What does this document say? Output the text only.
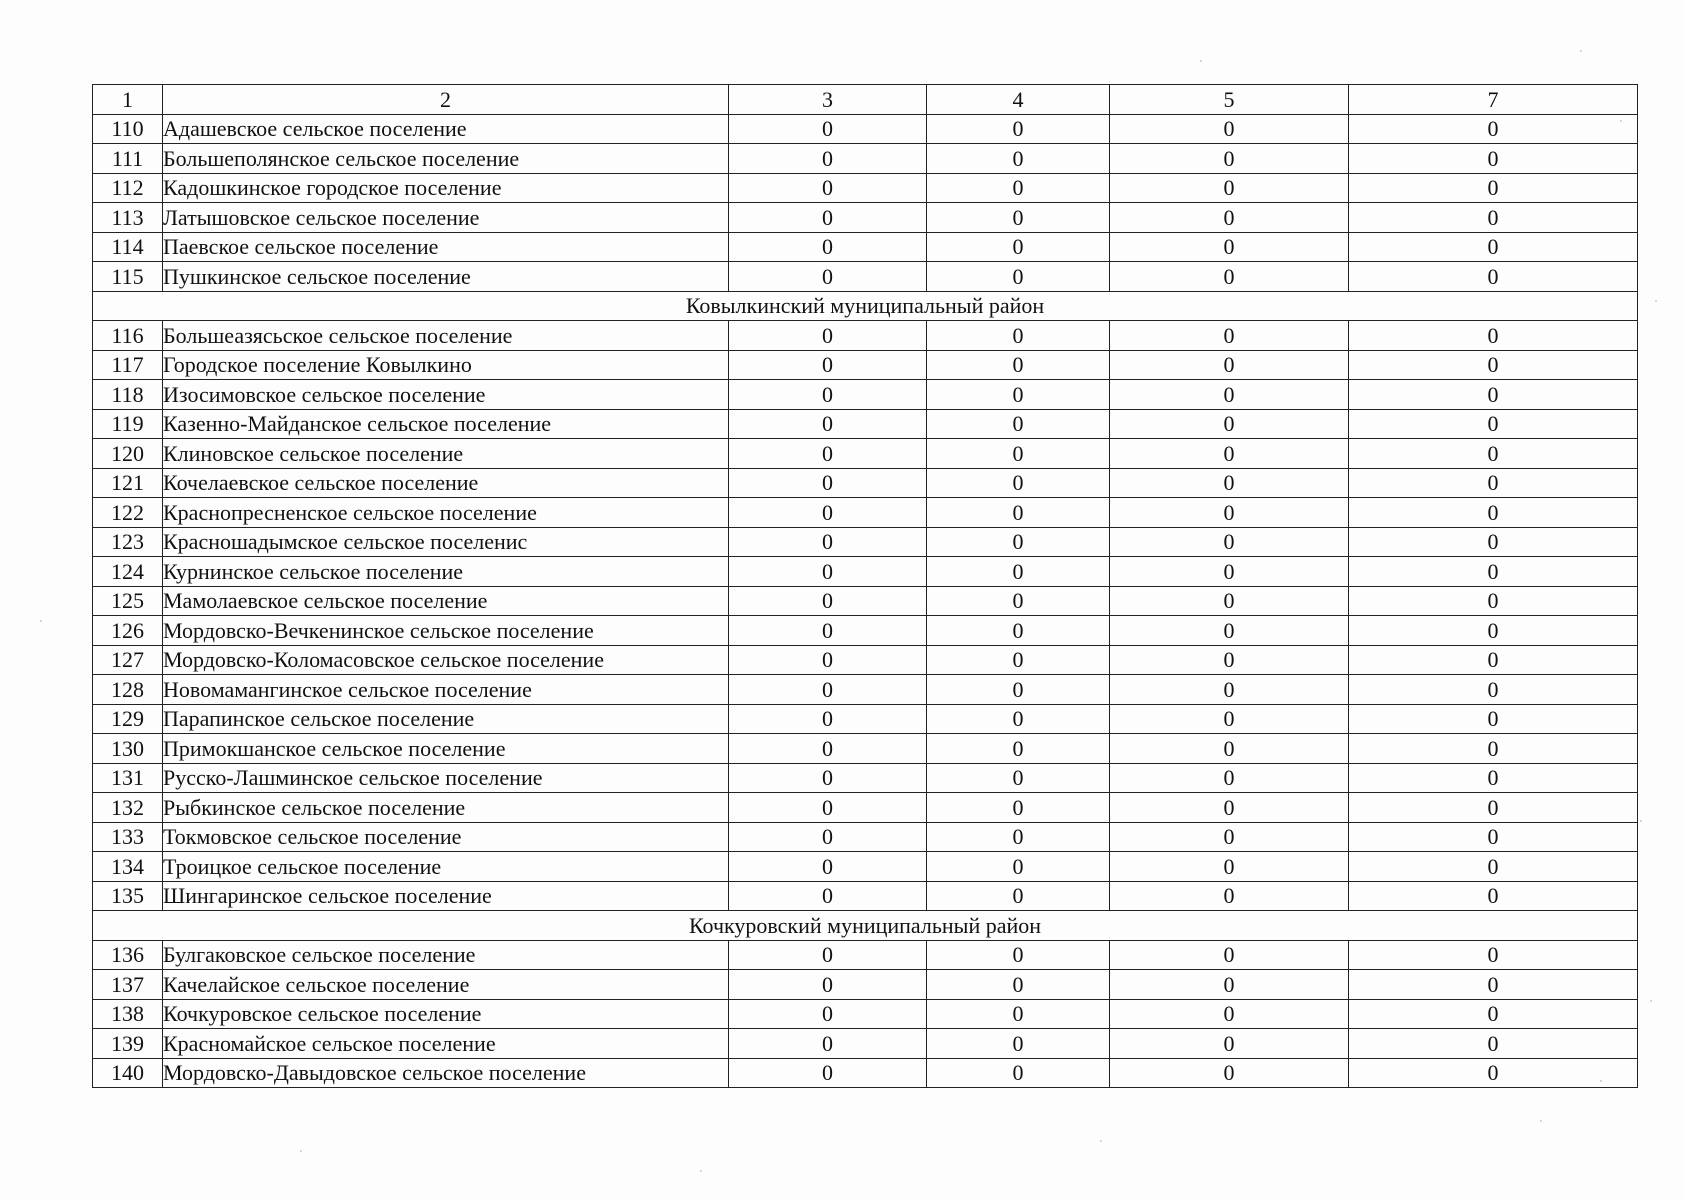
1	2	3	4	5	7
110	Адашевское сельское поселение	0	0	0	0
111	Большеполянское сельское поселение	0	0	0	0
112	Кадошкинское городское поселение	0	0	0	0
113	Латышовское сельское поселение	0	0	0	0
114	Паевское сельское поселение	0	0	0	0
115	Пушкинское сельское поселение	0	0	0	0
Ковылкинский муниципальный район					
116	Большеазясьское сельское поселение	0	0	0	0
117	Городское поселение Ковылкино	0	0	0	0
118	Изосимовское сельское поселение	0	0	0	0
119	Казенно-Майданское сельское поселение	0	0	0	0
120	Клиновское сельское поселение	0	0	0	0
121	Кочелаевское сельское поселение	0	0	0	0
122	Краснопресненское сельское поселение	0	0	0	0
123	Красношадымское сельское поселенис	0	0	0	0
124	Курнинское сельское поселение	0	0	0	0
125	Мамолаевское сельское поселение	0	0	0	0
126	Мордовско-Вечкенинское сельское поселение	0	0	0	0
127	Мордовско-Коломасовское сельское поселение	0	0	0	0
128	Новомамангинское сельское поселение	0	0	0	0
129	Парапинское сельское поселение	0	0	0	0
130	Примокшанское сельское поселение	0	0	0	0
131	Русско-Лашминское сельское поселение	0	0	0	0
132	Рыбкинское сельское поселение	0	0	0	0
133	Токмовское сельское поселение	0	0	0	0
134	Троицкое сельское поселение	0	0	0	0
135	Шингаринское сельское поселение	0	0	0	0
Кочкуровский муниципальный район					
136	Булгаковское сельское поселение	0	0	0	0
137	Качелайское сельское поселение	0	0	0	0
138	Кочкуровское сельское поселение	0	0	0	0
139	Красномайское сельское поселение	0	0	0	0
140	Мордовско-Давыдовское сельское поселение	0	0	0	0
